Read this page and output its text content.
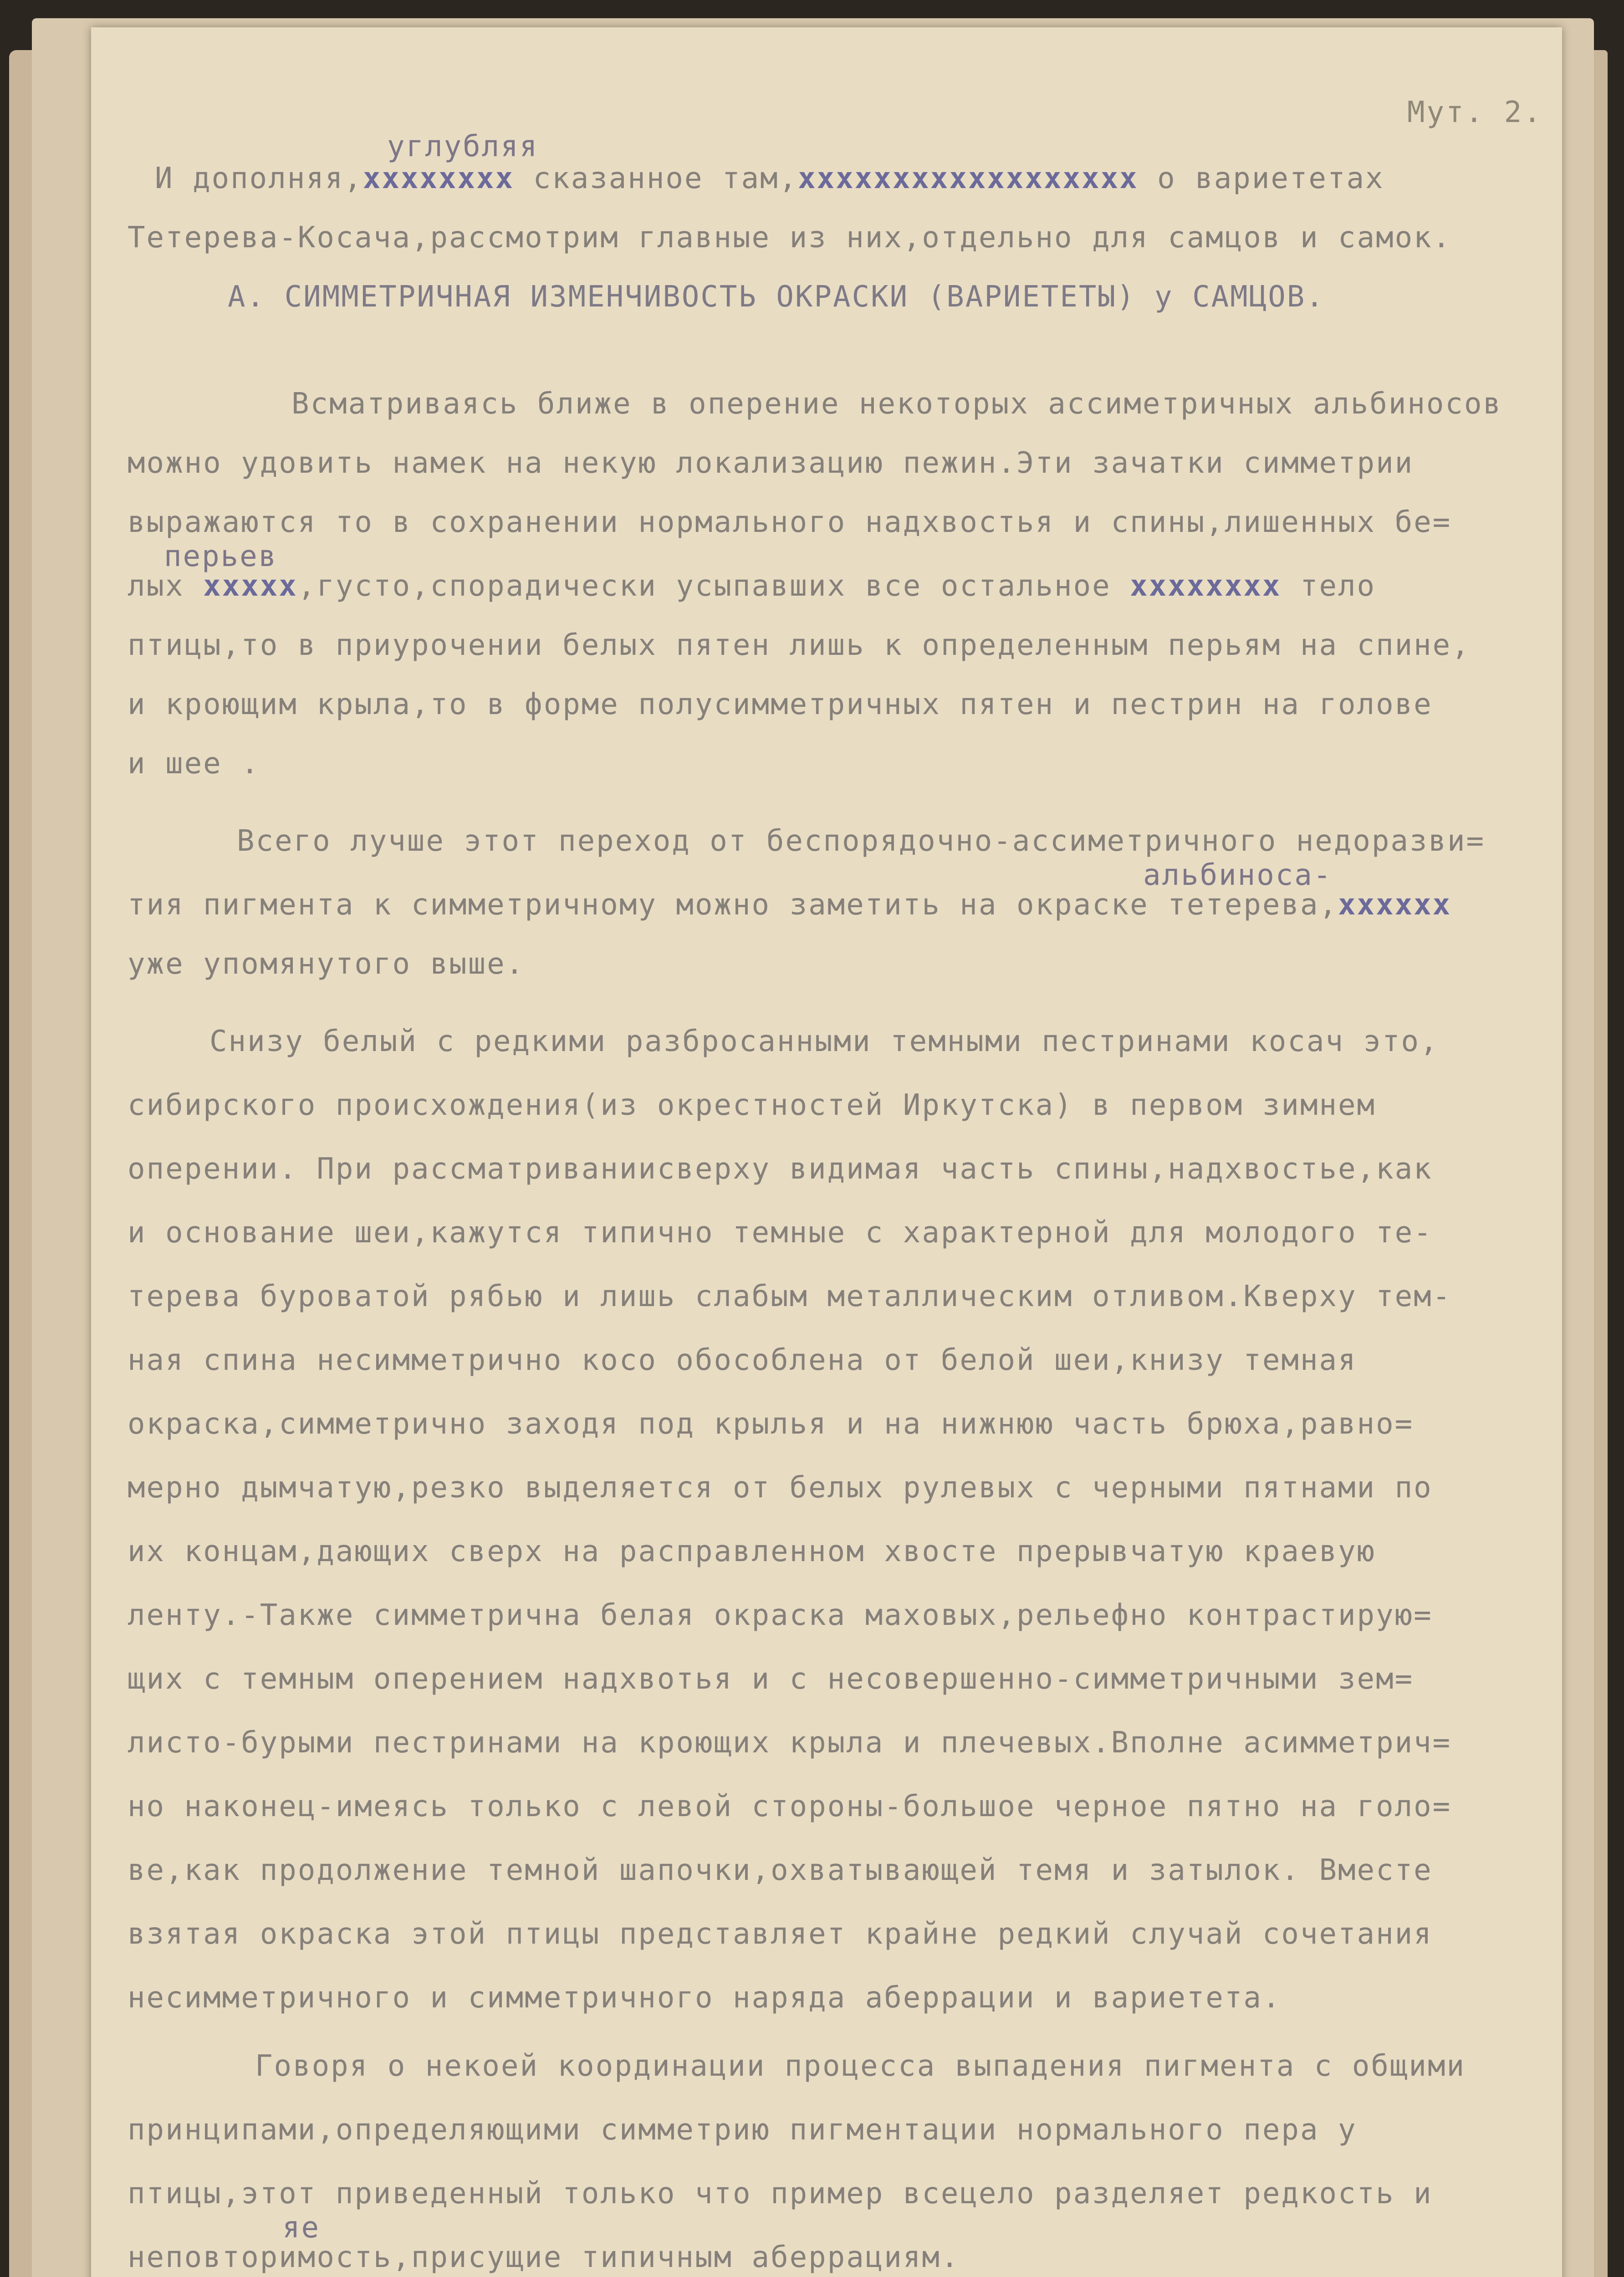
Мут. 2.
углубляя
И дополняя,хххххххх сказанное там,хххххххххххххххххх о вариететах
Тетерева-Косача,рассмотрим главные из них,отдельно для самцов и самок.
А. СИММЕТРИЧНАЯ ИЗМЕНЧИВОСТЬ ОКРАСКИ (ВАРИЕТЕТЫ) у САМЦОВ.
Всматриваясь ближе в оперение некоторых ассиметричных альбиносов
можно удовить намек на некую локализацию пежин.Эти зачатки симметрии
выражаются то в сохранении нормального надхвостья и спины,лишенных бе=
перьев
лых ххххх,густо,спорадически усыпавших все остальное хххххххх тело
птицы,то в приурочении белых пятен лишь к определенным перьям на спине,
и кроющим крыла,то в форме полусимметричных пятен и пестрин на голове
и шее .
Всего лучше этот переход от беспорядочно-ассиметричного недоразви=
альбиноса-
тия пигмента к симметричному можно заметить на окраске тетерева,хххххх
уже упомянутого выше.
Снизу белый с редкими разбросанными темными пестринами косач это,
сибирского происхождения(из окрестностей Иркутска) в первом зимнем
оперении. При рассматриваниисверху видимая часть спины,надхвостье,как
и основание шеи,кажутся типично темные с характерной для молодого те-
терева буроватой рябью и лишь слабым металлическим отливом.Кверху тем-
ная спина несимметрично косо обособлена от белой шеи,книзу темная
окраска,симметрично заходя под крылья и на нижнюю часть брюха,равно=
мерно дымчатую,резко выделяется от белых рулевых с черными пятнами по
их концам,дающих сверх на расправленном хвосте прерывчатую краевую
ленту.-Также симметрична белая окраска маховых,рельефно контрастирую=
щих с темным оперением надхвотья и с несовершенно-симметричными зем=
листо-бурыми пестринами на кроющих крыла и плечевых.Вполне асимметрич=
но наконец-имеясь только с левой стороны-большое черное пятно на голо=
ве,как продолжение темной шапочки,охватывающей темя и затылок. Вместе
взятая окраска этой птицы представляет крайне редкий случай сочетания
несимметричного и симметричного наряда аберрации и вариетета.
Говоря о некоей координации процесса выпадения пигмента с общими
принципами,определяющими симметрию пигментации нормального пера у
птицы,этот приведенный только что пример всецело разделяет редкость и
яе
неповторимость,присущие типичным аберрациям.
